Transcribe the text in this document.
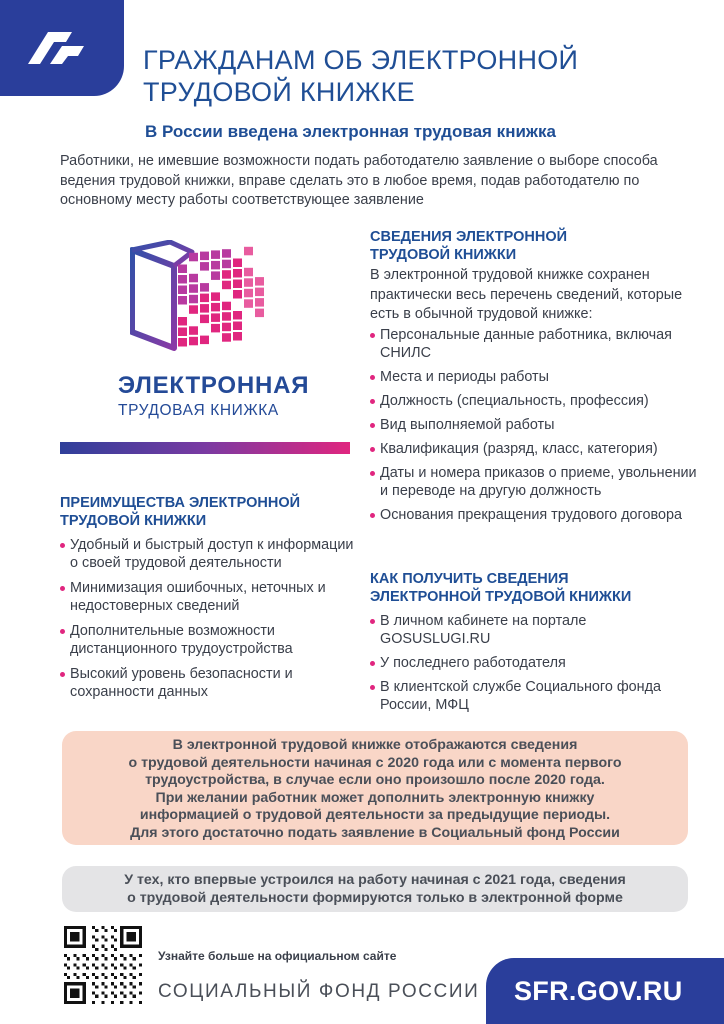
ГРАЖДАНАМ ОБ ЭЛЕКТРОННОЙ
ТРУДОВОЙ КНИЖКЕ
В России введена электронная трудовая книжка

Работники, не имевшие возможности подать работодателю заявление о выборе способа ведения трудовой книжки, вправе сделать это в любое время, подав работодателю по основному месту работы соответствующее заявление

ЭЛЕКТРОННАЯ
ТРУДОВАЯ КНИЖКА
СВЕДЕНИЯ ЭЛЕКТРОННОЙ
ТРУДОВОЙ КНИЖКИ

В электронной трудовой книжке сохранен практически весь перечень сведений, которые есть в обычной трудовой книжке:

Персональные данные работника, включая СНИЛС
Места и периоды работы
Должность (специальность, профессия)
Вид выполняемой работы
Квалификация (разряд, класс, категория)
Даты и номера приказов о приеме, увольнении и переводе на другую должность
Основания прекращения трудового договора
ПРЕИМУЩЕСТВА ЭЛЕКТРОННОЙ
ТРУДОВОЙ КНИЖКИ
Удобный и быстрый доступ к информации о своей трудовой деятельности
Минимизация ошибочных, неточных и недостоверных сведений
Дополнительные возможности дистанционного трудоустройства
Высокий уровень безопасности и сохранности данных
КАК ПОЛУЧИТЬ СВЕДЕНИЯ
ЭЛЕКТРОННОЙ ТРУДОВОЙ КНИЖКИ
В личном кабинете на портале GOSUSLUGI.RU
У последнего работодателя
В клиентской службе Социального фонда России, МФЦ
В электронной трудовой книжке отображаются сведения
о трудовой деятельности начиная с 2020 года или с момента первого
трудоустройства, в случае если оно произошло после 2020 года.
При желании работник может дополнить электронную книжку
информацией о трудовой деятельности за предыдущие периоды.
Для этого достаточно подать заявление в Социальный фонд России
У тех, кто впервые устроился на работу начиная с 2021 года, сведения
о трудовой деятельности формируются только в электронной форме
Узнайте больше на официальном сайте
СОЦИАЛЬНЫЙ ФОНД РОССИИ SFR.GOV.RU
